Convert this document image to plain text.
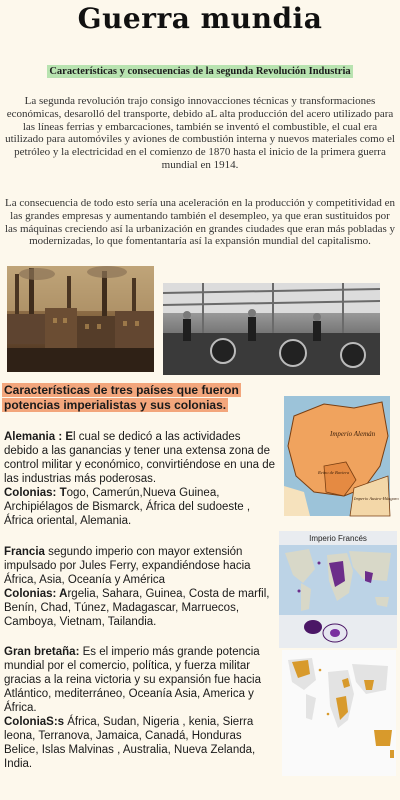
Guerra mundia
Características y consecuencias de la segunda Revolución Industria
La segunda revolución trajo consigo innovacciones técnicas y transformaciones económicas, desarolló del transporte, debido aL alta producción del acero utilizado para las líneas ferrias y embarcaciones, también se inventó el combustible, el cual era utilizado para automóviles y aviones de combustión interna y nuevos materiales como el petróleo y la electricidad en el comienzo de 1870 hasta el inicio de la primera guerra mundial en 1914.
La consecuencia de todo esto sería una aceleración en la producción y competitividad en las grandes empresas y aumentando también el desempleo, ya que eran sustituidos por las máquinas creciendo así la urbanización en grandes ciudades que eran más pobladas y modernizadas, lo que fomentantaría así la expansión mundial del capitalismo.
Características de tres países que fueron potencias imperialistas y sus colonias.
Alemania : El cual se dedicó a las actividades debido a las ganancias y tener una extensa zona de control militar y económico, convirtiéndose en una de las industrias más poderosas.
Colonias: Togo, Camerún,Nueva Guinea, Archipiélagos de Bismarck, África del sudoeste , África oriental, Alemania.
Francia segundo imperio con mayor extensión impulsado por Jules Ferry, expandiéndose hacia África, Asia, Oceanía y América
Colonias: Argelia, Sahara, Guinea, Costa de marfil, Benín, Chad, Túnez, Madagascar, Marruecos, Camboya, Vietnam, Tailandia.
Gran bretaña: Es el imperio más grande potencia mundial por el comercio, política, y fuerza militar gracias a la reina victoria y su expansión fue hacia Atlántico, mediterráneo, Oceanía Asia, America y África.
ColoniaS:s África, Sudan, Nigeria , kenia, Sierra leona, Terranova, Jamaica, Canadá, Honduras Belice, Islas Malvinas , Australia, Nueva Zelanda, India.
Imperio Alemán
Reino de Baviera
Imperio Austro-Húngaro
Imperio Francés
